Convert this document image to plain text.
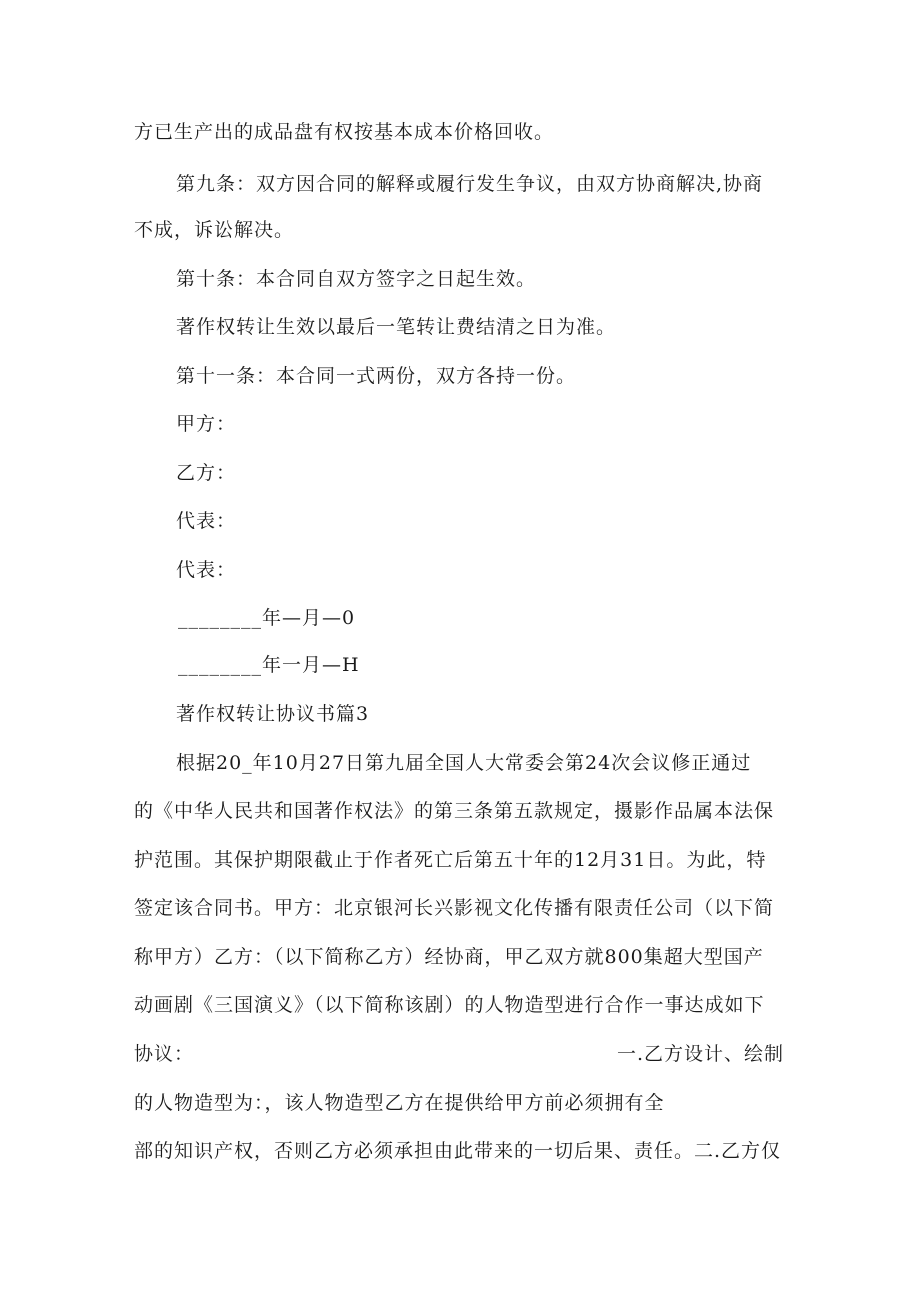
方已生产出的成品盘有权按基本成本价格回收。
第九条：双方因合同的解释或履行发生争议，由双方协商解决,协商
不成，诉讼解决。
第十条：本合同自双方签字之日起生效。
著作权转让生效以最后一笔转让费结清之日为准。
第十一条：本合同一式两份，双方各持一份。
甲方：
乙方：
代表：
代表：
________年—月—0
________年一月—H
著作权转让协议书篇3
根据20_年10月27日第九届全国人大常委会第24次会议修正通过
的《中华人民共和国著作权法》的第三条第五款规定，摄影作品属本法保
护范围。其保护期限截止于作者死亡后第五十年的12月31日。为此，特
签定该合同书。甲方：北京银河长兴影视文化传播有限责任公司（以下简
称甲方）乙方：（以下简称乙方）经协商，甲乙双方就800集超大型国产
动画剧《三国演义》（以下简称该剧）的人物造型进行合作一事达成如下
协议：	一.乙方设计、绘制
的人物造型为：，该人物造型乙方在提供给甲方前必须拥有全
部的知识产权，否则乙方必须承担由此带来的一切后果、责任。二.乙方仅
